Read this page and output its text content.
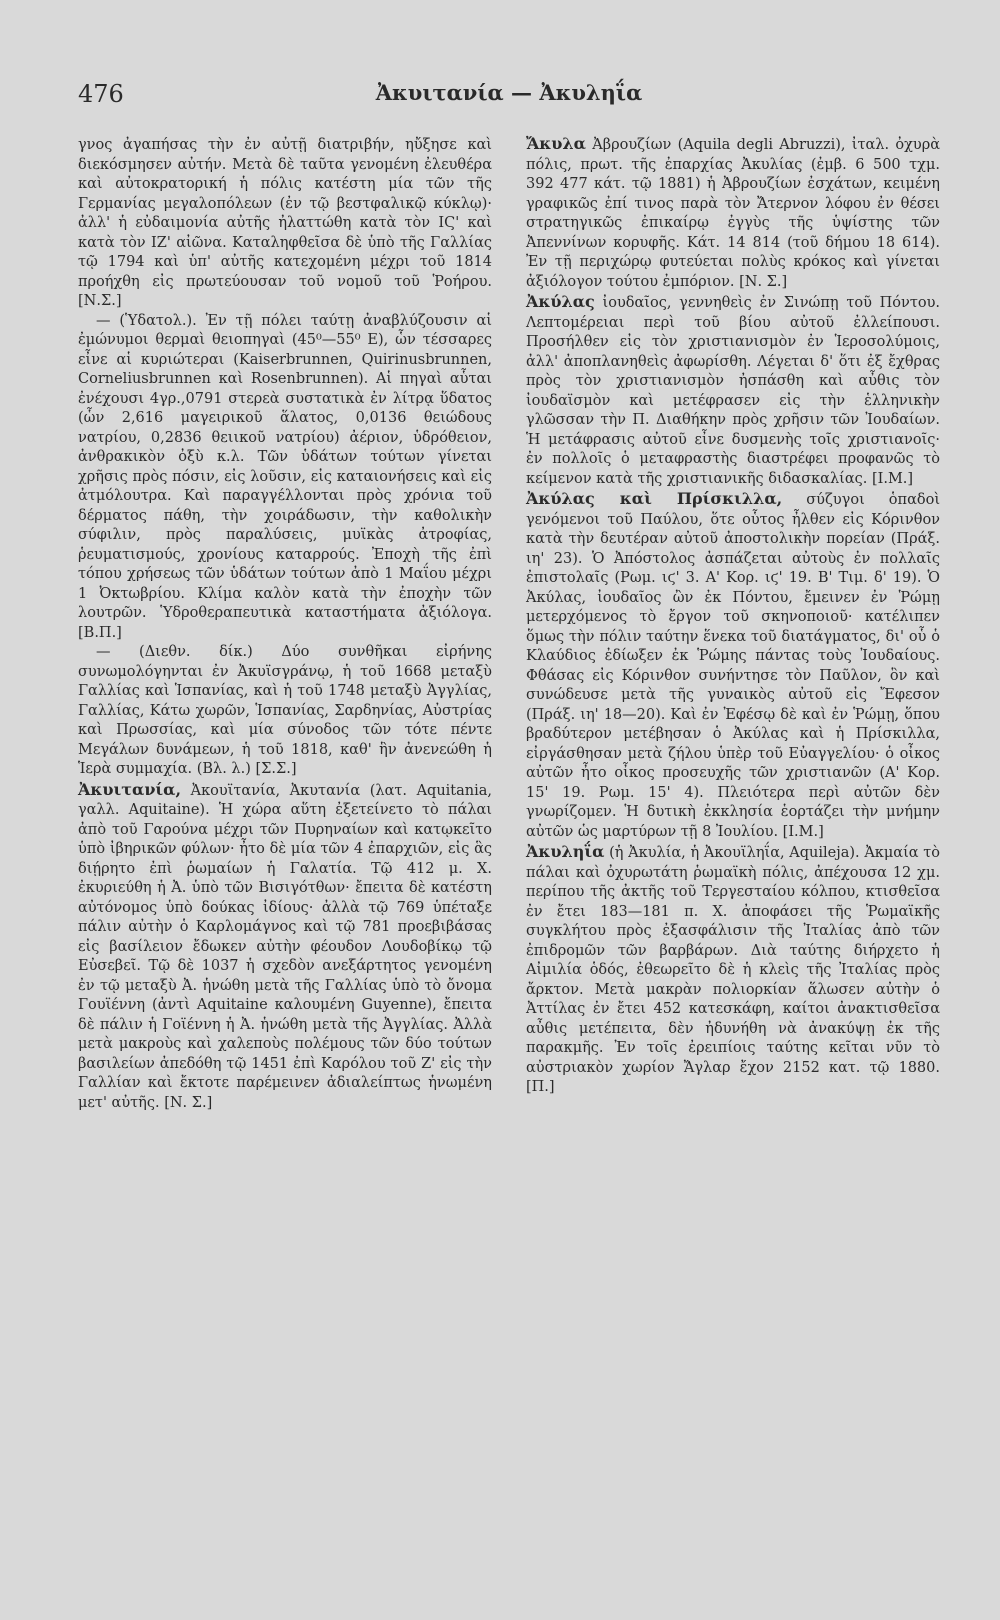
476	Ἀκυιτανία — Ἀκυληΐα

γνος ἀγαπήσας τὴν ἐν αὐτῇ διατριβήν, ηὔξησε καὶ διεκόσμησεν αὐτήν. Μετὰ δὲ ταῦτα γενομένη ἐλευθέρα καὶ αὐτοκρατορική ἡ πόλις κατέστη μία τῶν τῆς Γερμανίας μεγαλοπόλεων (ἐν τῷ βεστφαλικῷ κύκλῳ)· ἀλλ' ἡ εὐδαιμονία αὐτῆς ἠλαττώθη κατὰ τὸν ΙϚ' καὶ κατὰ τὸν ΙΖ' αἰῶνα. Καταληφθεῖσα δὲ ὑπὸ τῆς Γαλλίας τῷ 1794 καὶ ὑπ' αὐτῆς κατεχομένη μέχρι τοῦ 1814 προήχθη εἰς πρωτεύουσαν τοῦ νομοῦ τοῦ Ῥοήρου. [Ν.Σ.]

— (Ὑδατολ.). Ἐν τῇ πόλει ταύτῃ ἀναβλύζουσιν αἱ ἐμώνυμοι θερμαὶ θειοπηγαὶ (45⁰—55⁰ Ε), ὧν τέσσαρες εἶνε αἱ κυριώτεραι (Kaiserbrunnen, Quirinusbrunnen, Corneliusbrunnen καὶ Rosenbrunnen). Αἱ πηγαὶ αὗται ἐνέχουσι 4γρ.,0791 στερεὰ συστατικὰ ἐν λίτρᾳ ὕδατος (ὧν 2,616 μαγειρικοῦ ἅλατος, 0,0136 θειώδους νατρίου, 0,2836 θειικοῦ νατρίου) ἀέριον, ὑδρόθειον, ἀνθρακικὸν ὀξὺ κ.λ. Τῶν ὑδάτων τούτων γίνεται χρῆσις πρὸς πόσιν, εἰς λοῦσιν, εἰς καταιονήσεις καὶ εἰς ἀτμόλουτρα. Καὶ παραγγέλλονται πρὸς χρόνια τοῦ δέρματος πάθη, τὴν χοιράδωσιν, τὴν καθολικὴν σύφιλιν, πρὸς παραλύσεις, μυϊκὰς ἀτροφίας, ῥευματισμούς, χρονίους καταρρούς. Ἐποχὴ τῆς ἐπὶ τόπου χρήσεως τῶν ὑδάτων τούτων ἀπὸ 1 Μαΐου μέχρι 1 Ὀκτωβρίου. Κλίμα καλὸν κατὰ τὴν ἐποχὴν τῶν λουτρῶν. Ὑδροθεραπευτικὰ καταστήματα ἀξιόλογα. [Β.Π.]

— (Διεθν. δίκ.) Δύο συνθῆκαι εἰρήνης συνωμολόγηνται ἐν Ἀκυϊσγράνῳ, ἡ τοῦ 1668 μεταξὺ Γαλλίας καὶ Ἱσπανίας, καὶ ἡ τοῦ 1748 μεταξὺ Ἀγγλίας, Γαλλίας, Κάτω χωρῶν, Ἱσπανίας, Σαρδηνίας, Αὐστρίας καὶ Πρωσσίας, καὶ μία σύνοδος τῶν τότε πέντε Μεγάλων δυνάμεων, ἡ τοῦ 1818, καθ' ἣν ἀνενεώθη ἡ Ἱερὰ συμμαχία. (Βλ. λ.) [Σ.Σ.]

Ἀκυιτανία, Ἀκουϊτανία, Ἀκυτανία (λατ. Aquitania, γαλλ. Aquitaine). Ἡ χώρα αὕτη ἐξετείνετο τὸ πάλαι ἀπὸ τοῦ Γαρούνα μέχρι τῶν Πυρηναίων καὶ κατῳκεῖτο ὑπὸ ἰβηρικῶν φύλων· ἦτο δὲ μία τῶν 4 ἐπαρχιῶν, εἰς ἃς διῄρητο ἐπὶ ῥωμαίων ἡ Γαλατία. Τῷ 412 μ. Χ. ἐκυριεύθη ἡ Ἀ. ὑπὸ τῶν Βισιγότθων· ἔπειτα δὲ κατέστη αὐτόνομος ὑπὸ δούκας ἰδίους· ἀλλὰ τῷ 769 ὑπέταξε πάλιν αὐτὴν ὁ Καρλομάγνος καὶ τῷ 781 προεβιβάσας εἰς βασίλειον ἔδωκεν αὐτὴν φέουδον Λουδοβίκῳ τῷ Εὐσεβεῖ. Τῷ δὲ 1037 ἡ σχεδὸν ανεξάρτητος γενομένη ἐν τῷ μεταξὺ Ἀ. ἡνώθη μετὰ τῆς Γαλλίας ὑπὸ τὸ ὄνομα Γουϊέννη (ἀντὶ Aquitaine καλουμένη Guyenne), ἔπειτα δὲ πάλιν ἡ Γοϊέννη ἡ Ἀ. ἡνώθη μετὰ τῆς Ἀγγλίας. Ἀλλὰ μετὰ μακροὺς καὶ χαλεποὺς πολέμους τῶν δύο τούτων βασιλείων ἀπεδόθη τῷ 1451 ἐπὶ Καρόλου τοῦ Ζ' εἰς τὴν Γαλλίαν καὶ ἔκτοτε παρέμεινεν ἀδιαλείπτως ἡνωμένη μετ' αὐτῆς. [Ν. Σ.]

Ἄκυλα Ἀβρουζίων (Aquila degli Abruzzi), ἰταλ. ὀχυρὰ πόλις, πρωτ. τῆς ἐπαρχίας Ἀκυλίας (ἐμβ. 6 500 τχμ. 392 477 κάτ. τῷ 1881) ἡ Ἀβρουζίων ἐσχάτων, κειμένη γραφικῶς ἐπί τινος παρὰ τὸν Ἄτερνον λόφου ἐν θέσει στρατηγικῶς ἐπικαίρῳ ἐγγὺς τῆς ὑψίστης τῶν Ἀπεννίνων κορυφῆς. Κάτ. 14 814 (τοῦ δήμου 18 614). Ἐν τῇ περιχώρῳ φυτεύεται πολὺς κρόκος καὶ γίνεται ἀξιόλογον τούτου ἐμπόριον. [Ν. Σ.]

Ἀκύλας ἰουδαῖος, γεννηθεὶς ἐν Σινώπῃ τοῦ Πόντου. Λεπτομέρειαι περὶ τοῦ βίου αὐτοῦ ἐλλείπουσι. Προσήλθεν εἰς τὸν χριστιανισμὸν ἐν Ἱεροσολύμοις, ἀλλ' ἀποπλανηθεὶς ἀφωρίσθη. Λέγεται δ' ὅτι ἐξ ἔχθρας πρὸς τὸν χριστιανισμὸν ἠσπάσθη καὶ αὖθις τὸν ἰουδαϊσμὸν καὶ μετέφρασεν εἰς τὴν ἑλληνικὴν γλῶσσαν τὴν Π. Διαθήκην πρὸς χρῆσιν τῶν Ἰουδαίων. Ἡ μετάφρασις αὐτοῦ εἶνε δυσμενὴς τοῖς χριστιανοῖς· ἐν πολλοῖς ὁ μεταφραστὴς διαστρέφει προφανῶς τὸ κείμενον κατὰ τῆς χριστιανικῆς διδασκαλίας. [Ι.Μ.]

Ἀκύλας καὶ Πρίσκιλλα, σύζυγοι ὁπαδοὶ γενόμενοι τοῦ Παύλου, ὅτε οὗτος ἦλθεν εἰς Κόρινθον κατὰ τὴν δευτέραν αὐτοῦ ἀποστολικὴν πορείαν (Πράξ. ιη' 23). Ὁ Ἀπόστολος ἀσπάζεται αὐτοὺς ἐν πολλαῖς ἐπιστολαῖς (Ρωμ. ιϛ' 3. Α' Κορ. ιϛ' 19. Β' Τιμ. δ' 19). Ὁ Ἀκύλας, ἰουδαῖος ὢν ἐκ Πόντου, ἔμεινεν ἐν Ῥώμῃ μετερχόμενος τὸ ἔργον τοῦ σκηνοποιοῦ· κατέλιπεν ὅμως τὴν πόλιν ταύτην ἕνεκα τοῦ διατάγματος, δι' οὗ ὁ Κλαύδιος ἐδίωξεν ἐκ Ῥώμης πάντας τοὺς Ἰουδαίους. Φθάσας εἰς Κόρινθον συνήντησε τὸν Παῦλον, ὃν καὶ συνώδευσε μετὰ τῆς γυναικὸς αὐτοῦ εἰς Ἔφεσον (Πράξ. ιη' 18—20). Καὶ ἐν Ἐφέσῳ δὲ καὶ ἐν Ῥώμῃ, ὅπου βραδύτερον μετέβησαν ὁ Ἀκύλας καὶ ἡ Πρίσκιλλα, εἰργάσθησαν μετὰ ζήλου ὑπὲρ τοῦ Εὐαγγελίου· ὁ οἶκος αὐτῶν ἦτο οἶκος προσευχῆς τῶν χριστιανῶν (Α' Κορ. 15' 19. Ρωμ. 15' 4). Πλειότερα περὶ αὐτῶν δὲν γνωρίζομεν. Ἡ δυτικὴ ἐκκλησία ἑορτάζει τὴν μνήμην αὐτῶν ὡς μαρτύρων τῇ 8 Ἰουλίου. [Ι.Μ.]

Ἀκυληΐα (ἡ Ἀκυλία, ἡ Ἀκουϊληΐα, Aquileja). Ἀκμαία τὸ πάλαι καὶ ὀχυρωτάτη ῥωμαϊκὴ πόλις, ἀπέχουσα 12 χμ. περίπου τῆς ἀκτῆς τοῦ Τεργεσταίου κόλπου, κτισθεῖσα ἐν ἔτει 183—181 π. Χ. ἀποφάσει τῆς Ῥωμαϊκῆς συγκλήτου πρὸς ἐξασφάλισιν τῆς Ἰταλίας ἀπὸ τῶν ἐπιδρομῶν τῶν βαρβάρων. Διὰ ταύτης διήρχετο ἡ Αἰμιλία ὁδός, ἐθεωρεῖτο δὲ ἡ κλεὶς τῆς Ἰταλίας πρὸς ἄρκτον. Μετὰ μακρὰν πολιορκίαν ἅλωσεν αὐτὴν ὁ Ἀττίλας ἐν ἔτει 452 κατεσκάφη, καίτοι ἀνακτισθεῖσα αὖθις μετέπειτα, δὲν ἠδυνήθη νὰ ἀνακύψῃ ἐκ τῆς παρακμῆς. Ἐν τοῖς ἐρειπίοις ταύτης κεῖται νῦν τὸ αὐστριακὸν χωρίον Ἄγλαρ ἔχον 2152 κατ. τῷ 1880. [Π.]
